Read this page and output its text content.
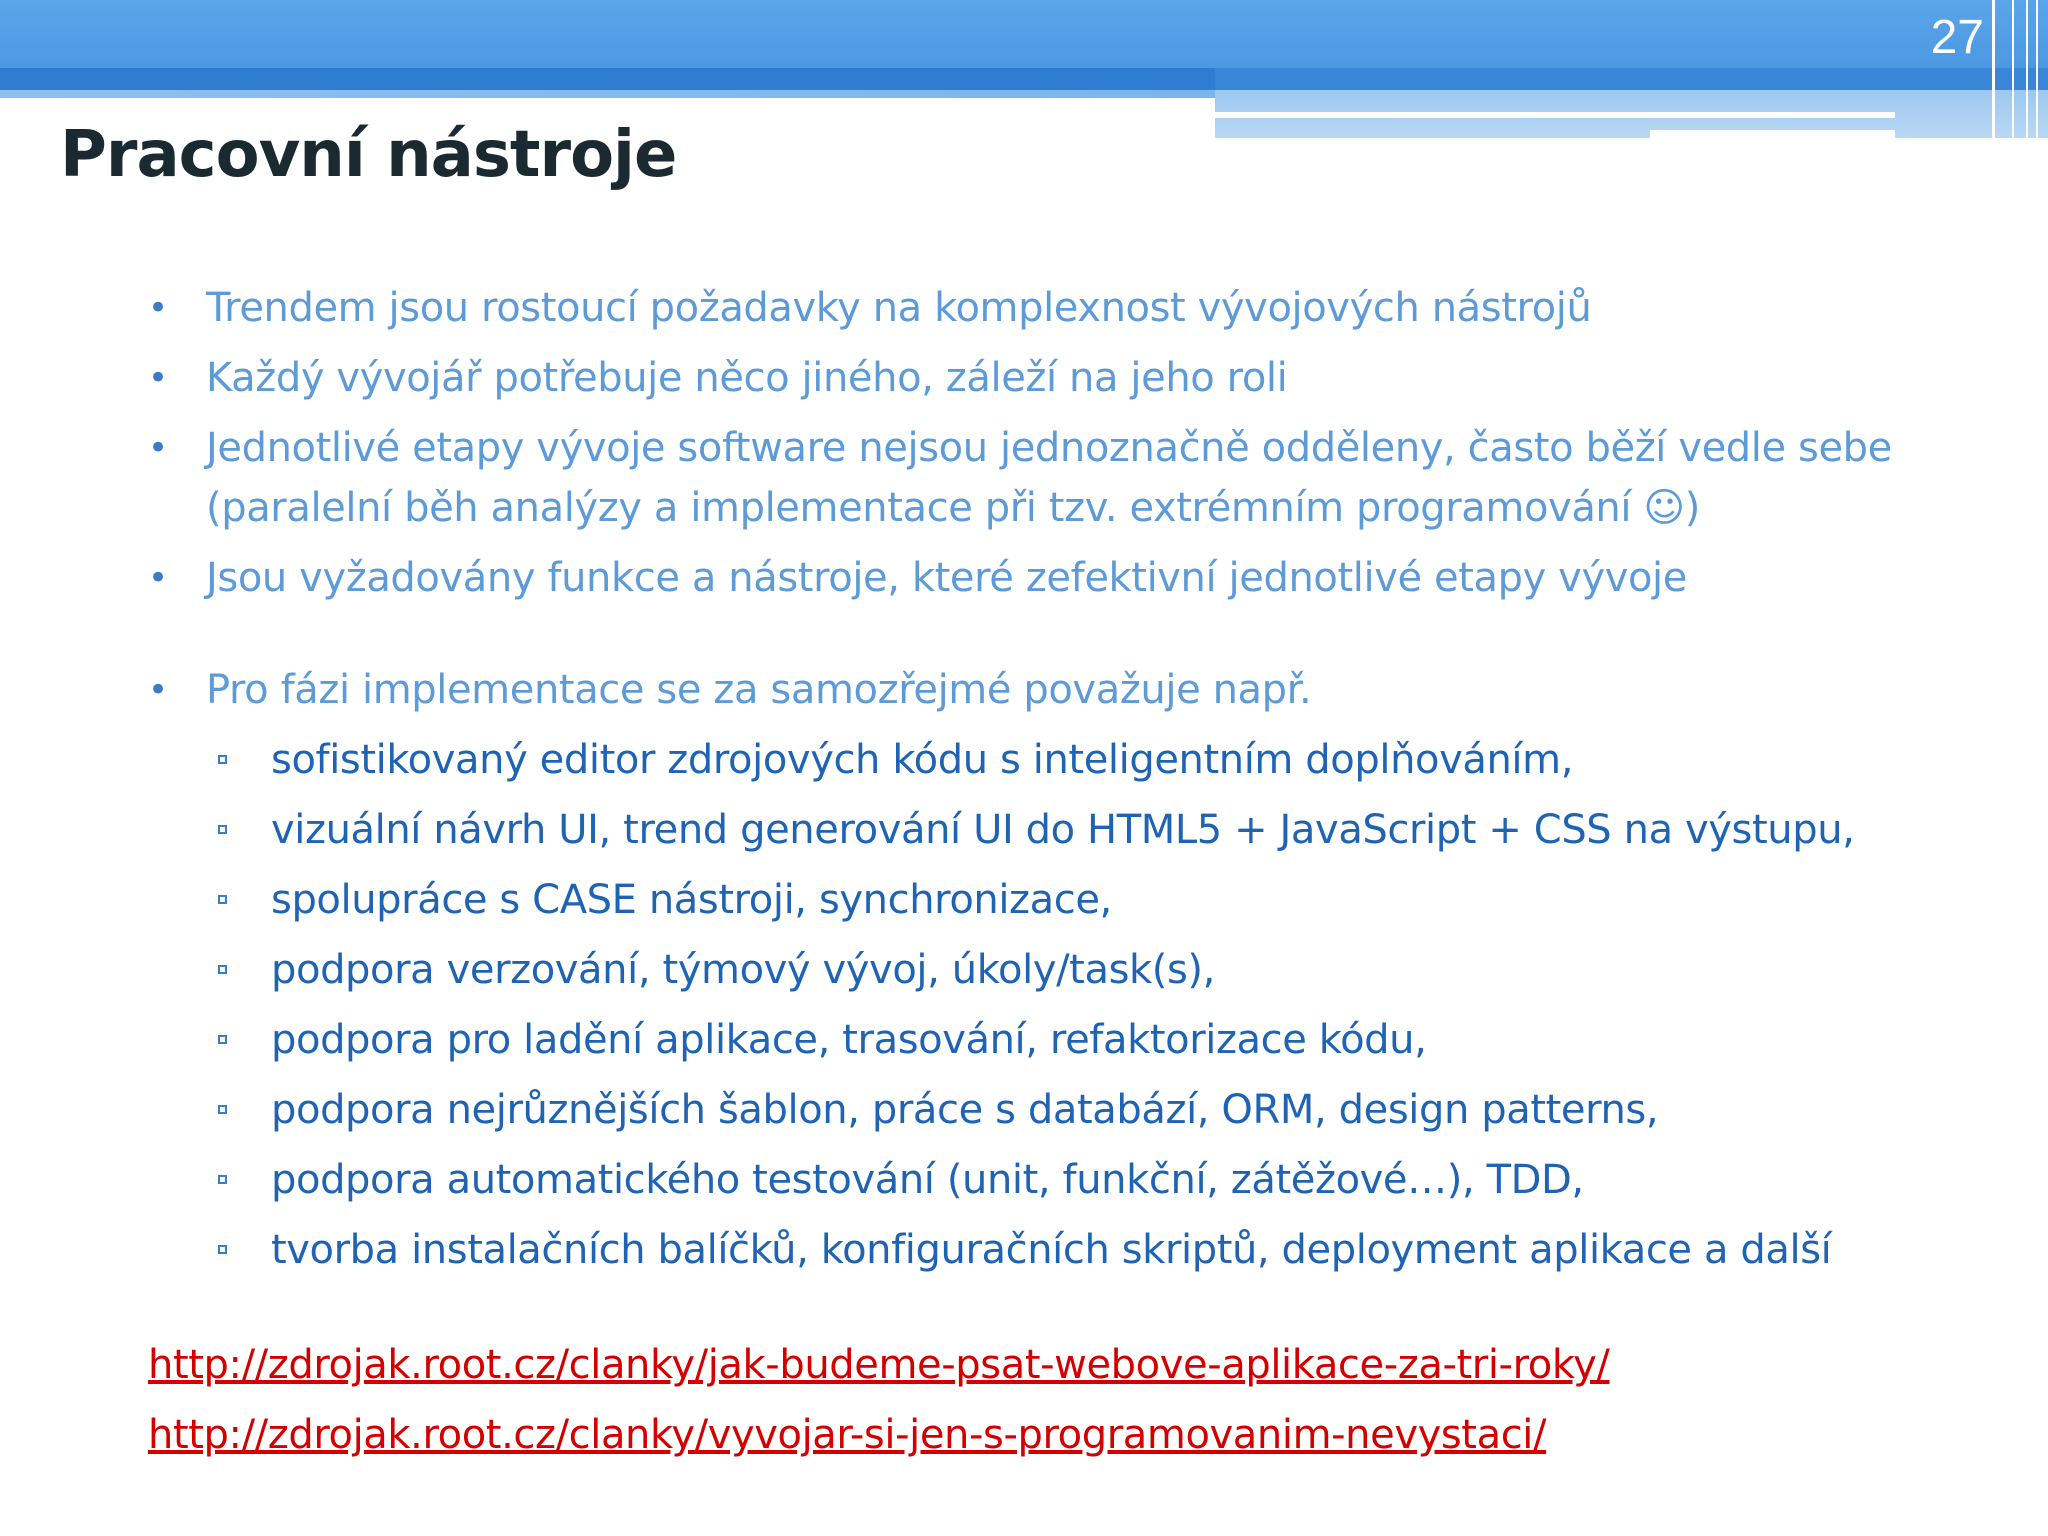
27
Pracovní nástroje
• Trendem jsou rostoucí požadavky na komplexnost vývojových nástrojů
• Každý vývojář potřebuje něco jiného, záleží na jeho roli
• Jednotlivé etapy vývoje software nejsou jednoznačně odděleny, často běží vedle sebe (paralelní běh analýzy a implementace při tzv. extrémním programování ☺)
• Jsou vyžadovány funkce a nástroje, které zefektivní jednotlivé etapy vývoje
• Pro fázi implementace se za samozřejmé považuje např.
sofistikovaný editor zdrojových kódu s inteligentním doplňováním,
vizuální návrh UI, trend generování UI do HTML5 + JavaScript + CSS na výstupu,
spolupráce s CASE nástroji, synchronizace,
podpora verzování, týmový vývoj, úkoly/task(s),
podpora pro ladění aplikace, trasování, refaktorizace kódu,
podpora nejrůznějších šablon, práce s databází, ORM, design patterns,
podpora automatického testování (unit, funkční, zátěžové…), TDD,
tvorba instalačních balíčků, konfiguračních skriptů, deployment aplikace a další
http://zdrojak.root.cz/clanky/jak-budeme-psat-webove-aplikace-za-tri-roky/
http://zdrojak.root.cz/clanky/vyvojar-si-jen-s-programovanim-nevystaci/
